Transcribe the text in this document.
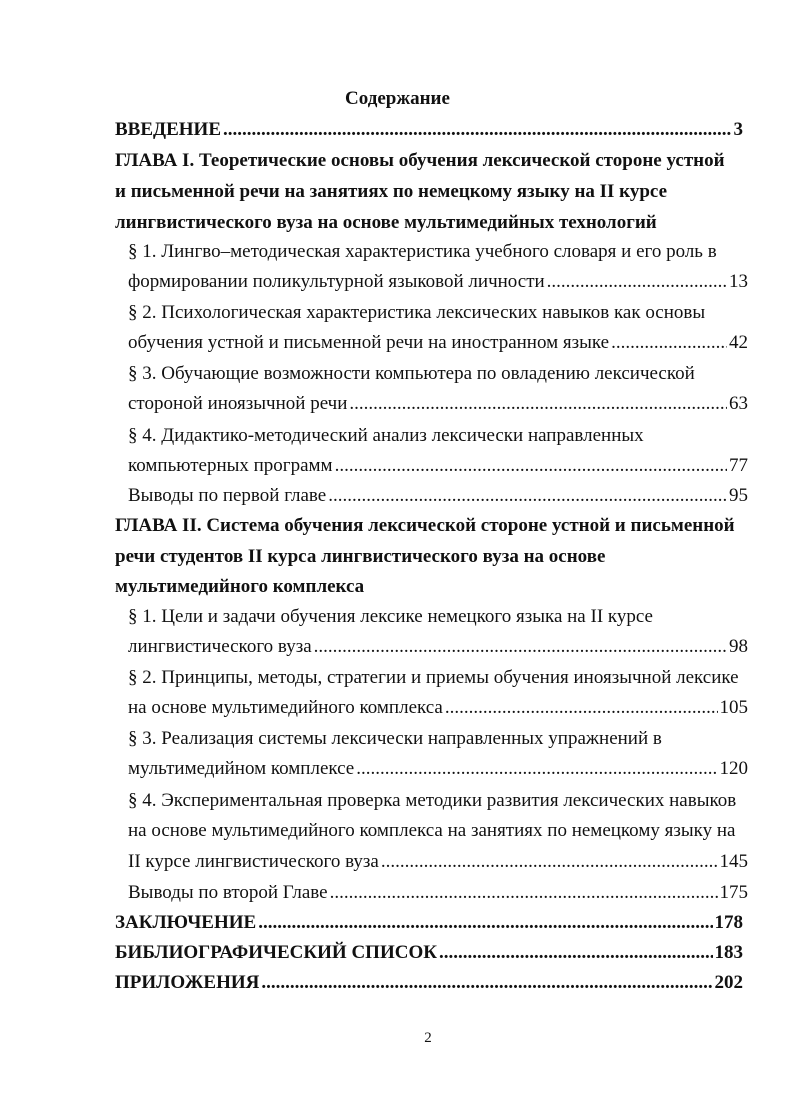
Содержание
ВВЕДЕНИЕ .....	3
ГЛАВА I. Теоретические основы обучения лексической стороне устной
и письменной речи на занятиях по немецкому языку на II курсе
лингвистического вуза на основе мультимедийных технологий
§ 1. Лингво–методическая характеристика учебного словаря и его роль в
формировании поликультурной языковой личности .....	13
§ 2. Психологическая характеристика лексических навыков как основы
обучения устной и письменной речи на иностранном языке .....	42
§ 3. Обучающие возможности компьютера по овладению лексической
стороной иноязычной речи .....	63
§ 4. Дидактико-методический анализ лексически направленных
компьютерных программ .....	77
Выводы по первой главе .....	95
ГЛАВА II. Система обучения лексической стороне устной и письменной
речи студентов II курса лингвистического вуза на основе
мультимедийного комплекса
§ 1. Цели и задачи обучения лексике немецкого языка на II курсе
лингвистического вуза .....	98
§ 2. Принципы, методы, стратегии и приемы обучения иноязычной лексике
на основе мультимедийного комплекса .....	105
§ 3. Реализация системы лексически направленных упражнений в
мультимедийном комплексе .....	120
§ 4. Экспериментальная проверка методики развития лексических навыков
на основе мультимедийного комплекса на занятиях по немецкому языку на
II курсе лингвистического вуза .....	145
Выводы по второй Главе .....	175
ЗАКЛЮЧЕНИЕ .....	178
БИБЛИОГРАФИЧЕСКИЙ СПИСОК .....	183
ПРИЛОЖЕНИЯ .....	202
2
